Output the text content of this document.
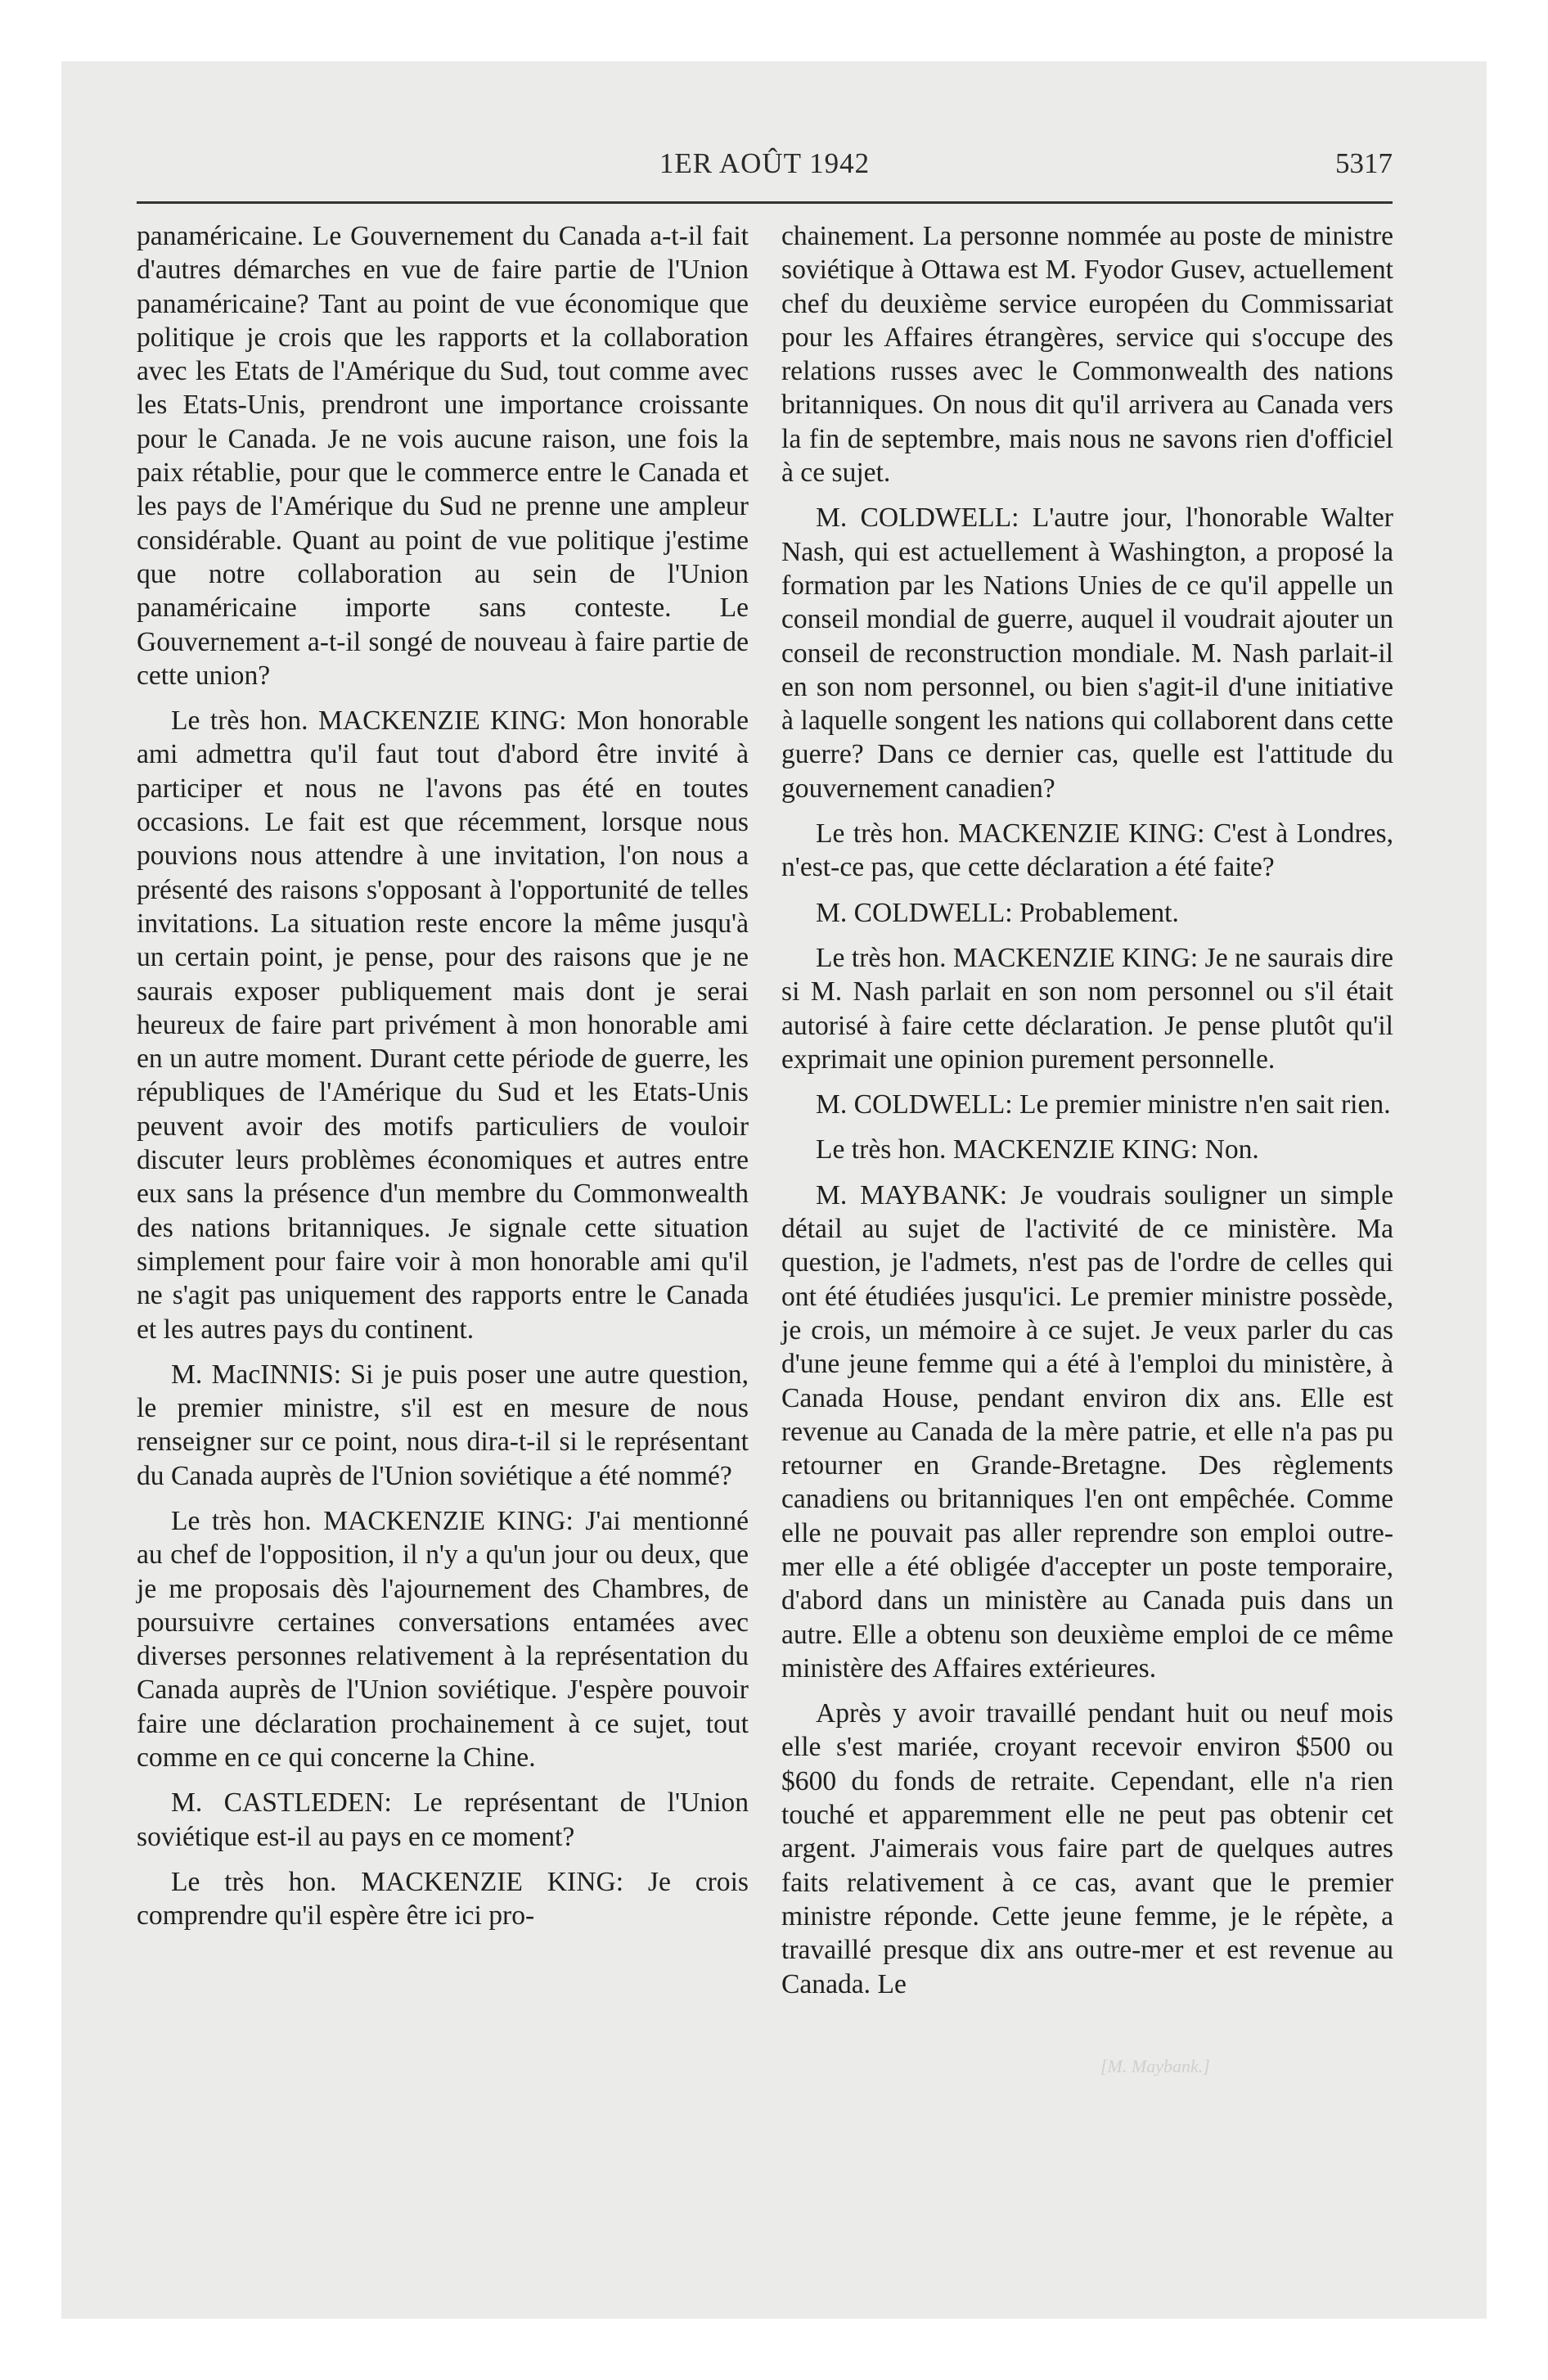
1ER AOÛT 1942	5317

panaméricaine. Le Gouvernement du Canada a-t-il fait d'autres démarches en vue de faire partie de l'Union panaméricaine? Tant au point de vue économique que politique je crois que les rapports et la collaboration avec les Etats de l'Amérique du Sud, tout comme avec les Etats-Unis, prendront une importance croissante pour le Canada. Je ne vois aucune raison, une fois la paix rétablie, pour que le commerce entre le Canada et les pays de l'Amérique du Sud ne prenne une ampleur considérable. Quant au point de vue politique j'estime que notre collaboration au sein de l'Union panaméricaine importe sans conteste. Le Gouvernement a-t-il songé de nouveau à faire partie de cette union?

Le très hon. MACKENZIE KING: Mon honorable ami admettra qu'il faut tout d'abord être invité à participer et nous ne l'avons pas été en toutes occasions. Le fait est que récemment, lorsque nous pouvions nous attendre à une invitation, l'on nous a présenté des raisons s'opposant à l'opportunité de telles invitations. La situation reste encore la même jusqu'à un certain point, je pense, pour des raisons que je ne saurais exposer publiquement mais dont je serai heureux de faire part privément à mon honorable ami en un autre moment. Durant cette période de guerre, les républiques de l'Amérique du Sud et les Etats-Unis peuvent avoir des motifs particuliers de vouloir discuter leurs problèmes économiques et autres entre eux sans la présence d'un membre du Commonwealth des nations britanniques. Je signale cette situation simplement pour faire voir à mon honorable ami qu'il ne s'agit pas uniquement des rapports entre le Canada et les autres pays du continent.

M. MacINNIS: Si je puis poser une autre question, le premier ministre, s'il est en mesure de nous renseigner sur ce point, nous dira-t-il si le représentant du Canada auprès de l'Union soviétique a été nommé?

Le très hon. MACKENZIE KING: J'ai mentionné au chef de l'opposition, il n'y a qu'un jour ou deux, que je me proposais dès l'ajournement des Chambres, de poursuivre certaines conversations entamées avec diverses personnes relativement à la représentation du Canada auprès de l'Union soviétique. J'espère pouvoir faire une déclaration prochainement à ce sujet, tout comme en ce qui concerne la Chine.

M. CASTLEDEN: Le représentant de l'Union soviétique est-il au pays en ce moment?

Le très hon. MACKENZIE KING: Je crois comprendre qu'il espère être ici pro-

chainement. La personne nommée au poste de ministre soviétique à Ottawa est M. Fyodor Gusev, actuellement chef du deuxième service européen du Commissariat pour les Affaires étrangères, service qui s'occupe des relations russes avec le Commonwealth des nations britanniques. On nous dit qu'il arrivera au Canada vers la fin de septembre, mais nous ne savons rien d'officiel à ce sujet.

M. COLDWELL: L'autre jour, l'honorable Walter Nash, qui est actuellement à Washington, a proposé la formation par les Nations Unies de ce qu'il appelle un conseil mondial de guerre, auquel il voudrait ajouter un conseil de reconstruction mondiale. M. Nash parlait-il en son nom personnel, ou bien s'agit-il d'une initiative à laquelle songent les nations qui collaborent dans cette guerre? Dans ce dernier cas, quelle est l'attitude du gouvernement canadien?

Le très hon. MACKENZIE KING: C'est à Londres, n'est-ce pas, que cette déclaration a été faite?

M. COLDWELL: Probablement.

Le très hon. MACKENZIE KING: Je ne saurais dire si M. Nash parlait en son nom personnel ou s'il était autorisé à faire cette déclaration. Je pense plutôt qu'il exprimait une opinion purement personnelle.

M. COLDWELL: Le premier ministre n'en sait rien.

Le très hon. MACKENZIE KING: Non.

M. MAYBANK: Je voudrais souligner un simple détail au sujet de l'activité de ce ministère. Ma question, je l'admets, n'est pas de l'ordre de celles qui ont été étudiées jusqu'ici. Le premier ministre possède, je crois, un mémoire à ce sujet. Je veux parler du cas d'une jeune femme qui a été à l'emploi du ministère, à Canada House, pendant environ dix ans. Elle est revenue au Canada de la mère patrie, et elle n'a pas pu retourner en Grande-Bretagne. Des règlements canadiens ou britanniques l'en ont empêchée. Comme elle ne pouvait pas aller reprendre son emploi outre-mer elle a été obligée d'accepter un poste temporaire, d'abord dans un ministère au Canada puis dans un autre. Elle a obtenu son deuxième emploi de ce même ministère des Affaires extérieures.

Après y avoir travaillé pendant huit ou neuf mois elle s'est mariée, croyant recevoir environ $500 ou $600 du fonds de retraite. Cependant, elle n'a rien touché et apparemment elle ne peut pas obtenir cet argent. J'aimerais vous faire part de quelques autres faits relativement à ce cas, avant que le premier ministre réponde. Cette jeune femme, je le répète, a travaillé presque dix ans outre-mer et est revenue au Canada. Le

[M. Maybank.]
